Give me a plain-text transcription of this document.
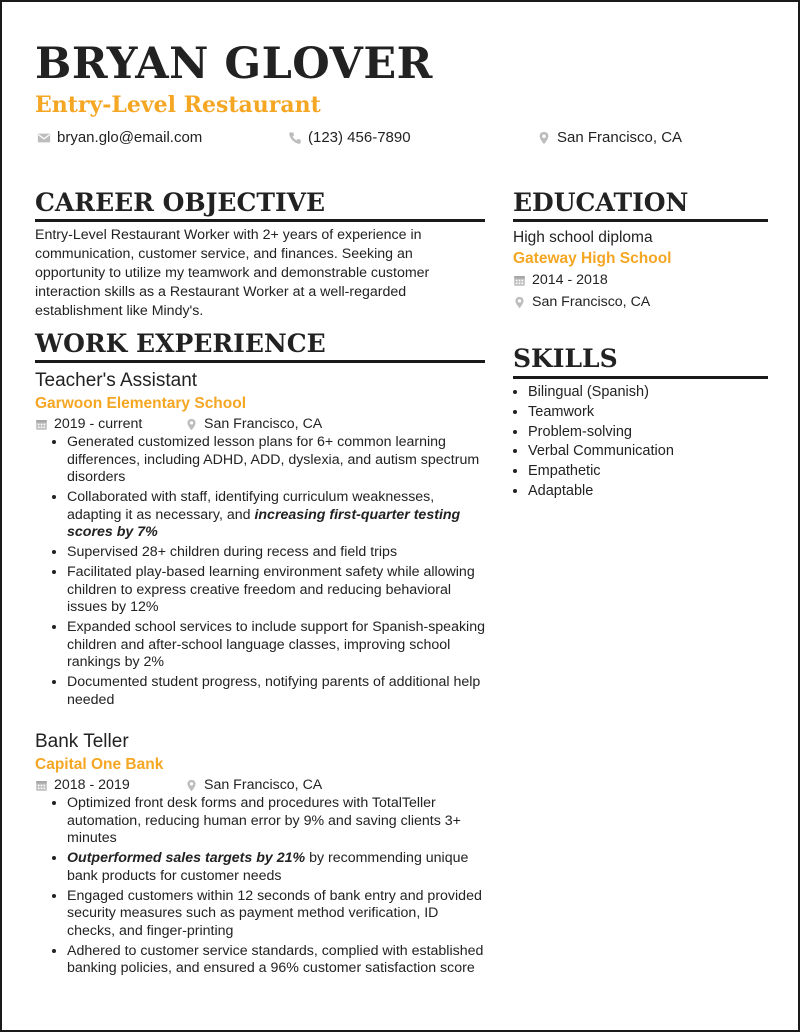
BRYAN GLOVER
Entry-Level Restaurant
bryan.glo@email.com	(123) 456-7890	San Francisco, CA
CAREER OBJECTIVE

Entry-Level Restaurant Worker with 2+ years of experience in communication, customer service, and finances. Seeking an opportunity to utilize my teamwork and demonstrable customer interaction skills as a Restaurant Worker at a well-regarded establishment like Mindy's.

WORK EXPERIENCE

Teacher's Assistant

Garwoon Elementary School

2019 - current	San Francisco, CA
• Generated customized lesson plans for 6+ common learning differences, including ADHD, ADD, dyslexia, and autism spectrum disorders
• Collaborated with staff, identifying curriculum weaknesses, adapting it as necessary, and increasing first-quarter testing scores by 7%
• Supervised 28+ children during recess and field trips
• Facilitated play-based learning environment safety while allowing children to express creative freedom and reducing behavioral issues by 12%
• Expanded school services to include support for Spanish-speaking children and after-school language classes, improving school rankings by 2%
• Documented student progress, notifying parents of additional help needed

Bank Teller

Capital One Bank

2018 - 2019	San Francisco, CA
• Optimized front desk forms and procedures with TotalTeller automation, reducing human error by 9% and saving clients 3+ minutes
• Outperformed sales targets by 21% by recommending unique bank products for customer needs
• Engaged customers within 12 seconds of bank entry and provided security measures such as payment method verification, ID checks, and finger-printing
• Adhered to customer service standards, complied with established banking policies, and ensured a 96% customer satisfaction score
EDUCATION

High school diploma

Gateway High School

2014 - 2018
San Francisco, CA
SKILLS
• Bilingual (Spanish)
• Teamwork
• Problem-solving
• Verbal Communication
• Empathetic
• Adaptable
